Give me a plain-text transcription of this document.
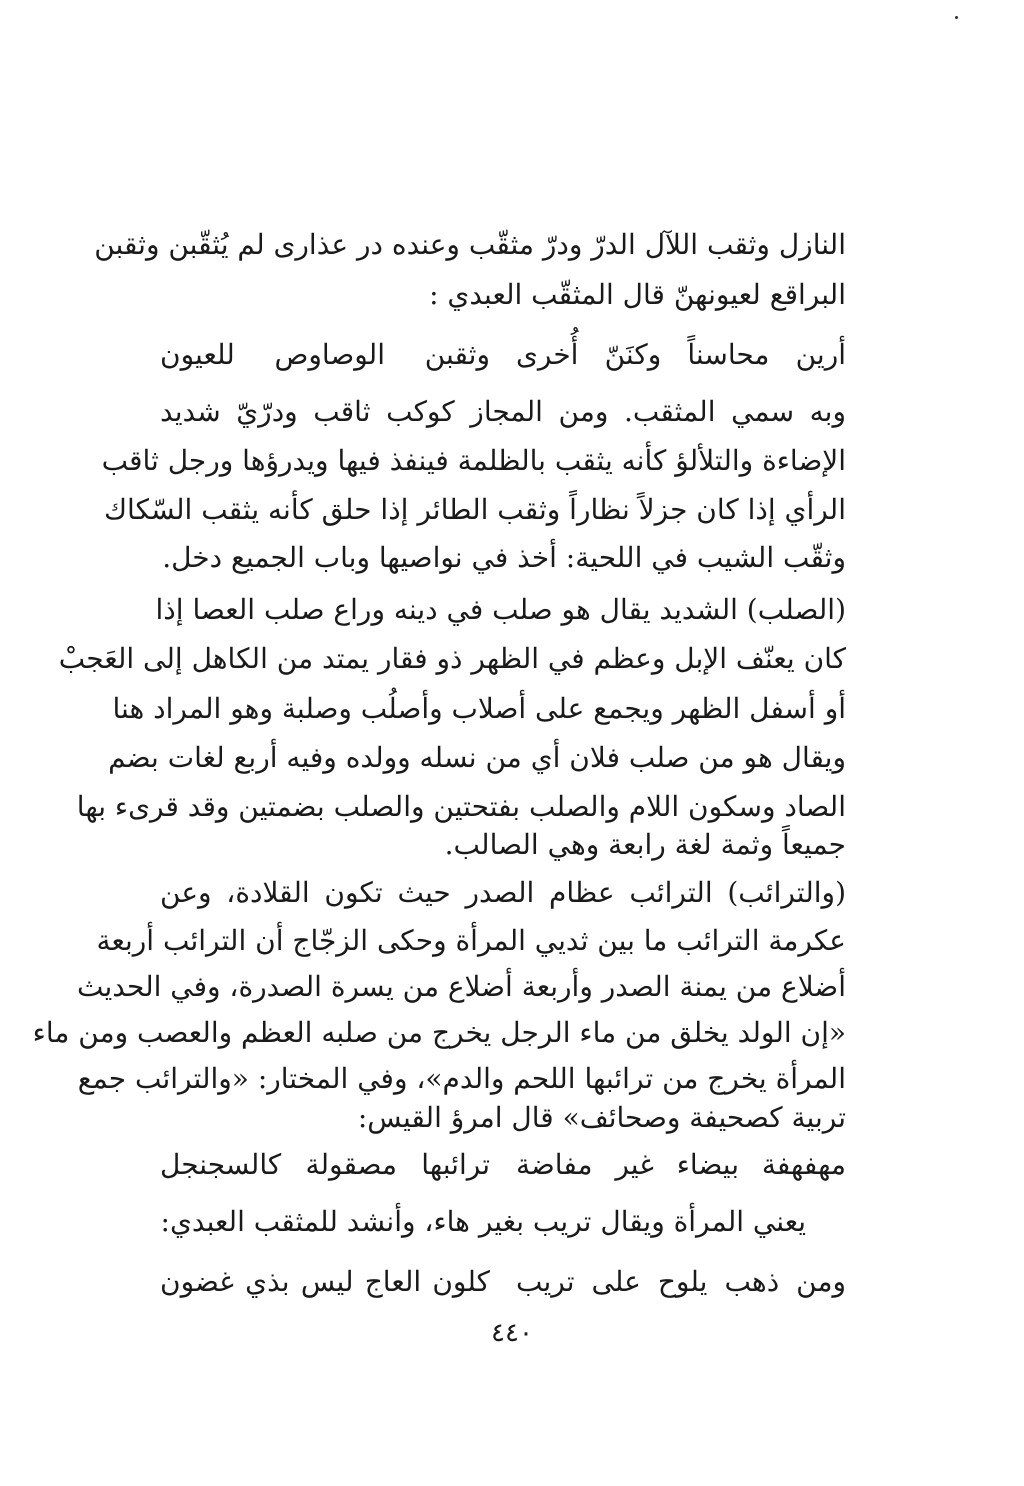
النازل وثقب اللآل الدرّ ودرّ مثقّب وعنده در عذارى لم يُثقّبن وثقبن
البراقع لعيونهنّ قال المثقّب العبدي :
أرين محاسناً وكنَنّ أُخرى
وثقبن الوصاوص للعيون
وبه سمي المثقب. ومن المجاز كوكب ثاقب ودرّيّ شديد
الإضاءة والتلألؤ كأنه يثقب بالظلمة فينفذ فيها ويدرؤها ورجل ثاقب
الرأي إذا كان جزلاً نظاراً وثقب الطائر إذا حلق كأنه يثقب السّكاك
وثقّب الشيب في اللحية: أخذ في نواصيها وباب الجميع دخل.
(الصلب) الشديد يقال هو صلب في دينه وراع صلب العصا إذا
كان يعنّف الإبل وعظم في الظهر ذو فقار يمتد من الكاهل إلى العَجبْ
أو أسفل الظهر ويجمع على أصلاب وأصلُب وصلبة وهو المراد هنا
ويقال هو من صلب فلان أي من نسله وولده وفيه أربع لغات بضم
الصاد وسكون اللام والصلب بفتحتين والصلب بضمتين وقد قرىء بها
جميعاً وثمة لغة رابعة وهي الصالب.
(والترائب) الترائب عظام الصدر حيث تكون القلادة، وعن
عكرمة الترائب ما بين ثديي المرأة وحكى الزجّاج أن الترائب أربعة
أضلاع من يمنة الصدر وأربعة أضلاع من يسرة الصدرة، وفي الحديث
«إن الولد يخلق من ماء الرجل يخرج من صلبه العظم والعصب ومن ماء
المرأة يخرج من ترائبها اللحم والدم»، وفي المختار: «والترائب جمع
تربية كصحيفة وصحائف» قال امرؤ القيس:
مهفهفة بيضاء غير مفاضة
ترائبها مصقولة كالسجنجل
يعني المرأة ويقال تريب بغير هاء، وأنشد للمثقب العبدي:
ومن ذهب يلوح على تريب
كلون العاج ليس بذي غضون
٤٤٠
